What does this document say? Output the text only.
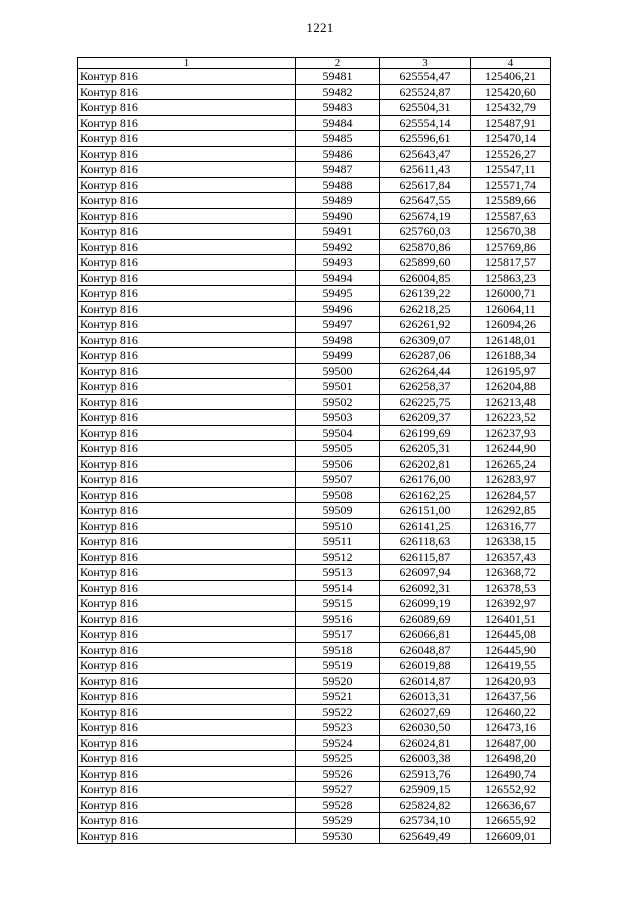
1221
1	2	3	4
Контур 816	59481	625554,47	125406,21
Контур 816	59482	625524,87	125420,60
Контур 816	59483	625504,31	125432,79
Контур 816	59484	625554,14	125487,91
Контур 816	59485	625596,61	125470,14
Контур 816	59486	625643,47	125526,27
Контур 816	59487	625611,43	125547,11
Контур 816	59488	625617,84	125571,74
Контур 816	59489	625647,55	125589,66
Контур 816	59490	625674,19	125587,63
Контур 816	59491	625760,03	125670,38
Контур 816	59492	625870,86	125769,86
Контур 816	59493	625899,60	125817,57
Контур 816	59494	626004,85	125863,23
Контур 816	59495	626139,22	126000,71
Контур 816	59496	626218,25	126064,11
Контур 816	59497	626261,92	126094,26
Контур 816	59498	626309,07	126148,01
Контур 816	59499	626287,06	126188,34
Контур 816	59500	626264,44	126195,97
Контур 816	59501	626258,37	126204,88
Контур 816	59502	626225,75	126213,48
Контур 816	59503	626209,37	126223,52
Контур 816	59504	626199,69	126237,93
Контур 816	59505	626205,31	126244,90
Контур 816	59506	626202,81	126265,24
Контур 816	59507	626176,00	126283,97
Контур 816	59508	626162,25	126284,57
Контур 816	59509	626151,00	126292,85
Контур 816	59510	626141,25	126316,77
Контур 816	59511	626118,63	126338,15
Контур 816	59512	626115,87	126357,43
Контур 816	59513	626097,94	126368,72
Контур 816	59514	626092,31	126378,53
Контур 816	59515	626099,19	126392,97
Контур 816	59516	626089,69	126401,51
Контур 816	59517	626066,81	126445,08
Контур 816	59518	626048,87	126445,90
Контур 816	59519	626019,88	126419,55
Контур 816	59520	626014,87	126420,93
Контур 816	59521	626013,31	126437,56
Контур 816	59522	626027,69	126460,22
Контур 816	59523	626030,50	126473,16
Контур 816	59524	626024,81	126487,00
Контур 816	59525	626003,38	126498,20
Контур 816	59526	625913,76	126490,74
Контур 816	59527	625909,15	126552,92
Контур 816	59528	625824,82	126636,67
Контур 816	59529	625734,10	126655,92
Контур 816	59530	625649,49	126609,01
